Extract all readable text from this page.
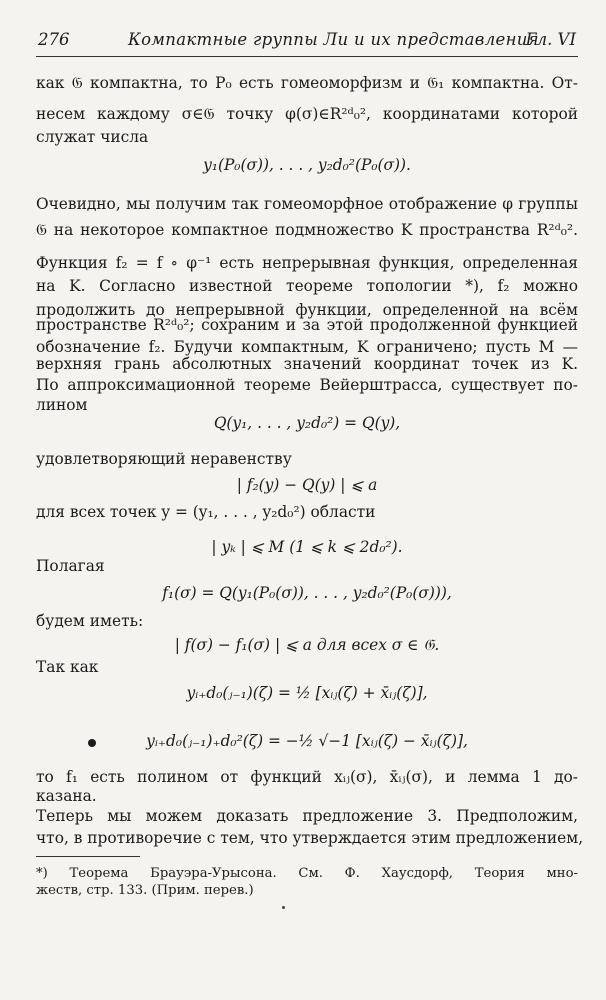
276	Компактные группы Ли и их представления
Гл. VI
как 𝔊 компактна, то P₀ есть гомеоморфизм и 𝔊₁ компактна. От-
несем каждому σ∈𝔊 точку φ(σ)∈R²ᵈ₀², координатами которой
служат числа
y₁(P₀(σ)), . . . , y₂d₀²(P₀(σ)).
Очевидно, мы получим так гомеоморфное отображение φ группы
𝔊 на некоторое компактное подмножество K пространства R²ᵈ₀².
Функция f₂ = f ∘ φ⁻¹ есть непрерывная функция, определенная
на K. Согласно известной теореме топологии *), f₂ можно
продолжить до непрерывной функции, определенной на всём
пространстве R²ᵈ₀²; сохраним и за этой продолженной функцией
обозначение f₂. Будучи компактным, K ограничено; пусть M —
верхняя грань абсолютных значений координат точек из K.
По аппроксимационной теореме Вейерштрасса, существует по-
лином
Q(y₁, . . . , y₂d₀²) = Q(y),
удовлетворяющий неравенству
| f₂(y) − Q(y) | ⩽ a
для всех точек y = (y₁, . . . , y₂d₀²) области
| yₖ | ⩽ M (1 ⩽ k ⩽ 2d₀²).
Полагая
f₁(σ) = Q(y₁(P₀(σ)), . . . , y₂d₀²(P₀(σ))),
будем иметь:
| f(σ) − f₁(σ) | ⩽ a для всех σ ∈ 𝔊.
Так как
yᵢ₊d₀(ⱼ₋₁)(ζ) = ½ [xᵢⱼ(ζ) + x̄ᵢⱼ(ζ)],
yᵢ₊d₀(ⱼ₋₁)₊d₀²(ζ) = −½ √−1 [xᵢⱼ(ζ) − x̄ᵢⱼ(ζ)],
то f₁ есть полином от функций xᵢⱼ(σ), x̄ᵢⱼ(σ), и лемма 1 до-
казана.
Теперь мы можем доказать предложение 3. Предположим,
что, в противоречие с тем, что утверждается этим предложением,
*) Теорема Брауэра-Урысона. См. Ф. Хаусдорф, Теория мно-
жеств, стр. 133. (Прим. перев.)
